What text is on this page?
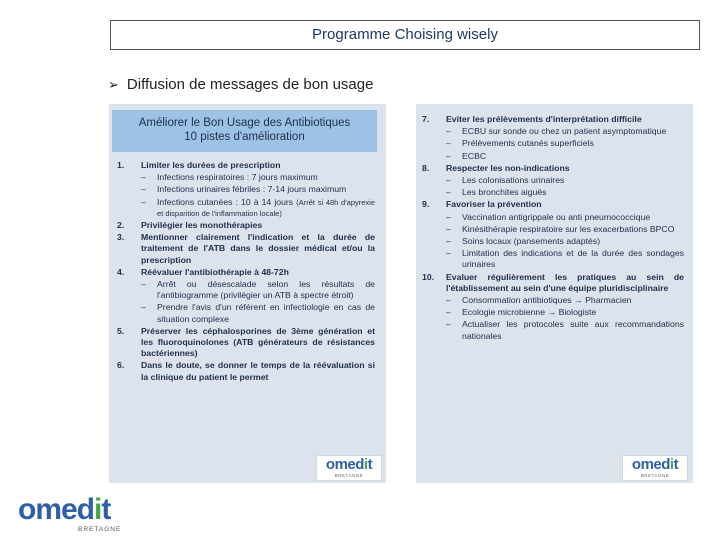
Programme Choising wisely
➢ Diffusion de messages de bon usage
Améliorer le Bon Usage des Antibiotiques
10 pistes d'amélioration
1.	Limiter les durées de prescription
–	Infections respiratoires : 7 jours maximum
–	Infections urinaires fébriles : 7-14 jours maximum
–	Infections cutanées : 10 à 14 jours (Arrêt si 48h d'apyrexie et disparition de l'inflammation locale)
2.	Privilégier les monothérapies
3.	Mentionner clairement l'indication et la durée de traitement de l'ATB dans le dossier médical et/ou la prescription
4.	Réévaluer l'antibiothérapie à 48-72h
–	Arrêt ou désescalade selon les résultats de l'antibiogramme (privilégier un ATB à spectre étroit)
–	Prendre l'avis d'un référent en infectiologie en cas de situation complexe
5.	Préserver les céphalosporines de 3ème génération et les fluoroquinolones (ATB générateurs de résistances bactériennes)
6.	Dans le doute, se donner le temps de la réévaluation si la clinique du patient le permet
7.	Eviter les prélèvements d'interprétation difficile
–	ECBU sur sonde ou chez un patient asymptomatique
–	Prélèvements cutanés superficiels
–	ECBC
8.	Respecter les non-indications
–	Les colonisations urinaires
–	Les bronchites aiguës
9.	Favoriser la prévention
–	Vaccination antigrippale ou anti pneumococcique
–	Kinésithérapie respiratoire sur les exacerbations BPCO
–	Soins locaux (pansements adaptés)
–	Limitation des indications et de la durée des sondages urinaires
10.	Evaluer régulièrement les pratiques au sein de l'établissement au sein d'une équipe pluridisciplinaire
–	Consommation antibiotiques → Pharmacien
–	Ecologie microbienne → Biologiste
–	Actualiser les protocoles suite aux recommandations nationales
omedit
BRETAGNE
omedit
BRETAGNE
omedit
BRETAGNE
